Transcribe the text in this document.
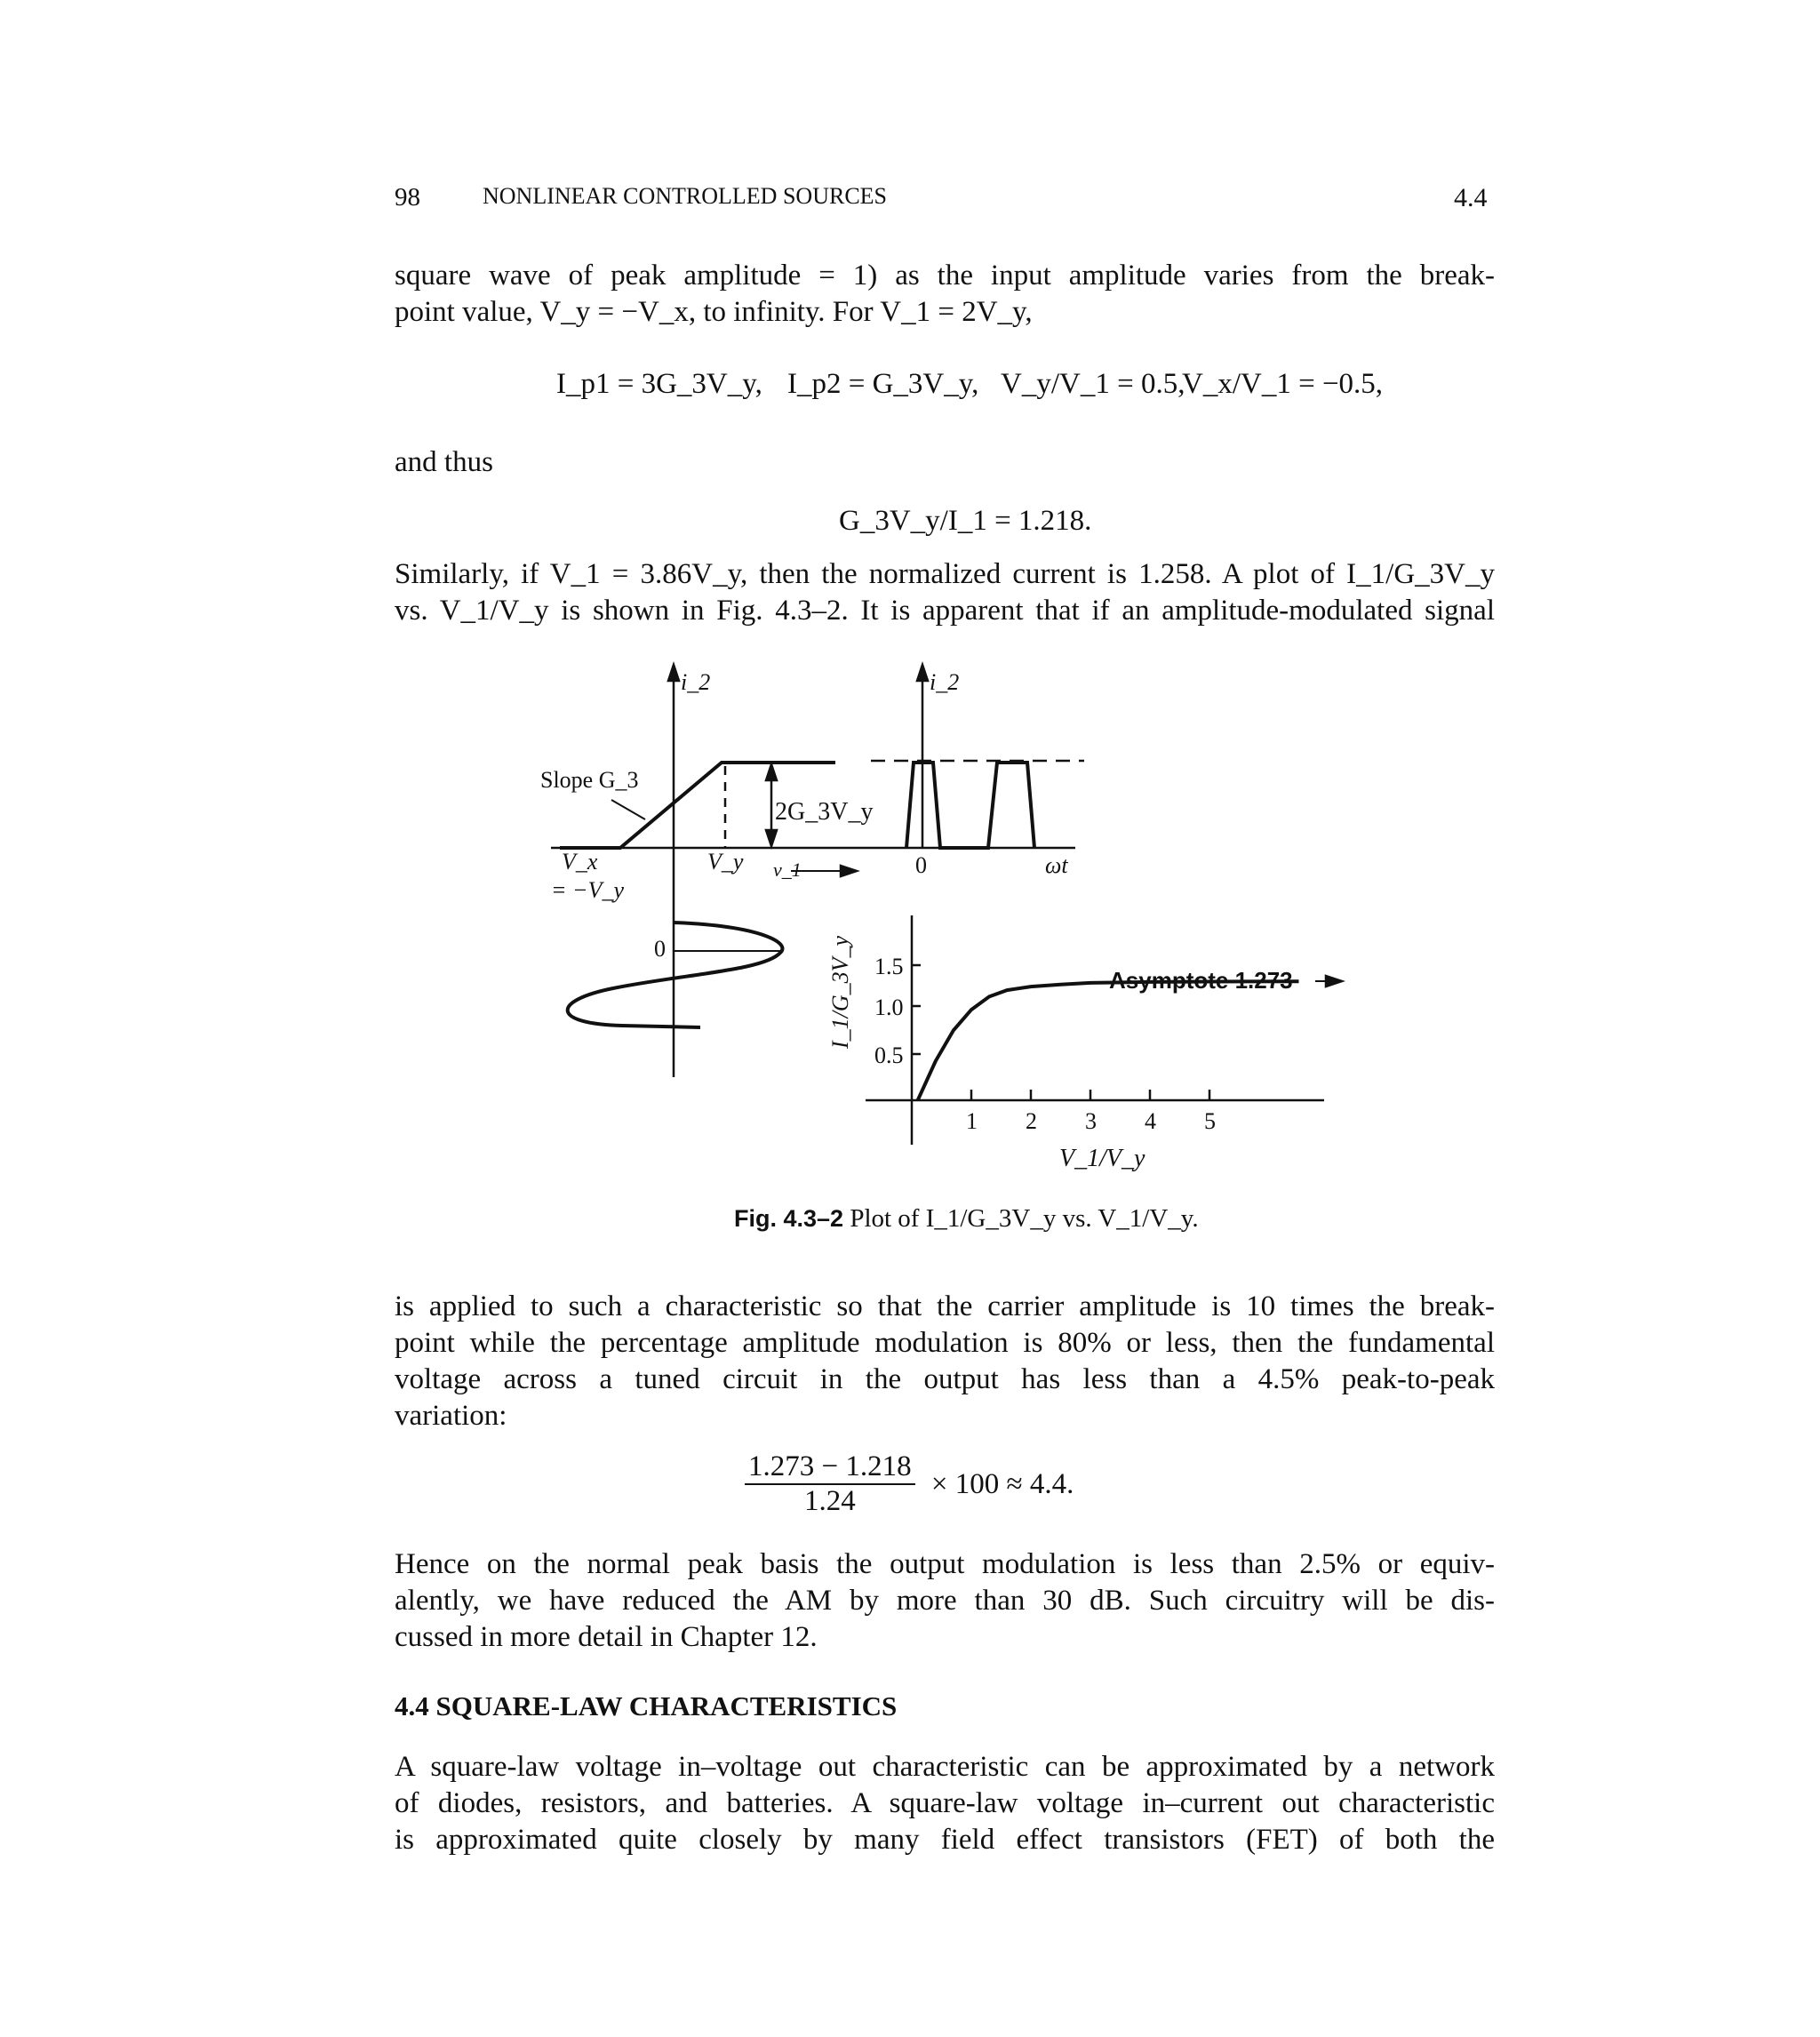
98	NONLINEAR CONTROLLED SOURCES	4.4
square wave of peak amplitude = 1) as the input amplitude varies from the break-
point value, V_y = −V_x, to infinity. For V_1 = 2V_y,
I_p1 = 3G_3V_y, I_p2 = G_3V_y, V_y/V_1 = 0.5,
V_x/V_1 = −0.5,
and thus
G_3V_y/I_1 = 1.218.
Similarly, if V_1 = 3.86V_y, then the normalized current is 1.258. A plot of I_1/G_3V_y
vs. V_1/V_y is shown in Fig. 4.3–2. It is apparent that if an amplitude-modulated signal
i_2
Slope G_3
2G_3V_y
V_x
= −V_y
V_y v_1
0
i_2
0	ωt
1.5
1.0
0.5
I_1/G_3V_y
1 2 3 4 5
V_1/V_y
Asymptote 1.273
Fig. 4.3–2 Plot of I_1/G_3V_y vs. V_1/V_y.
is applied to such a characteristic so that the carrier amplitude is 10 times the break-
point while the percentage amplitude modulation is 80% or less, then the fundamental
voltage across a tuned circuit in the output has less than a 4.5% peak-to-peak
variation:
$\frac{1.273 - 1.218}{1.24} \times 100 \approx 4.4$.
Hence on the normal peak basis the output modulation is less than 2.5% or equiv-
alently, we have reduced the AM by more than 30 dB. Such circuitry will be dis-
cussed in more detail in Chapter 12.
4.4 SQUARE-LAW CHARACTERISTICS
A square-law voltage in–voltage out characteristic can be approximated by a network
of diodes, resistors, and batteries. A square-law voltage in–current out characteristic
is approximated quite closely by many field effect transistors (FET) of both the
